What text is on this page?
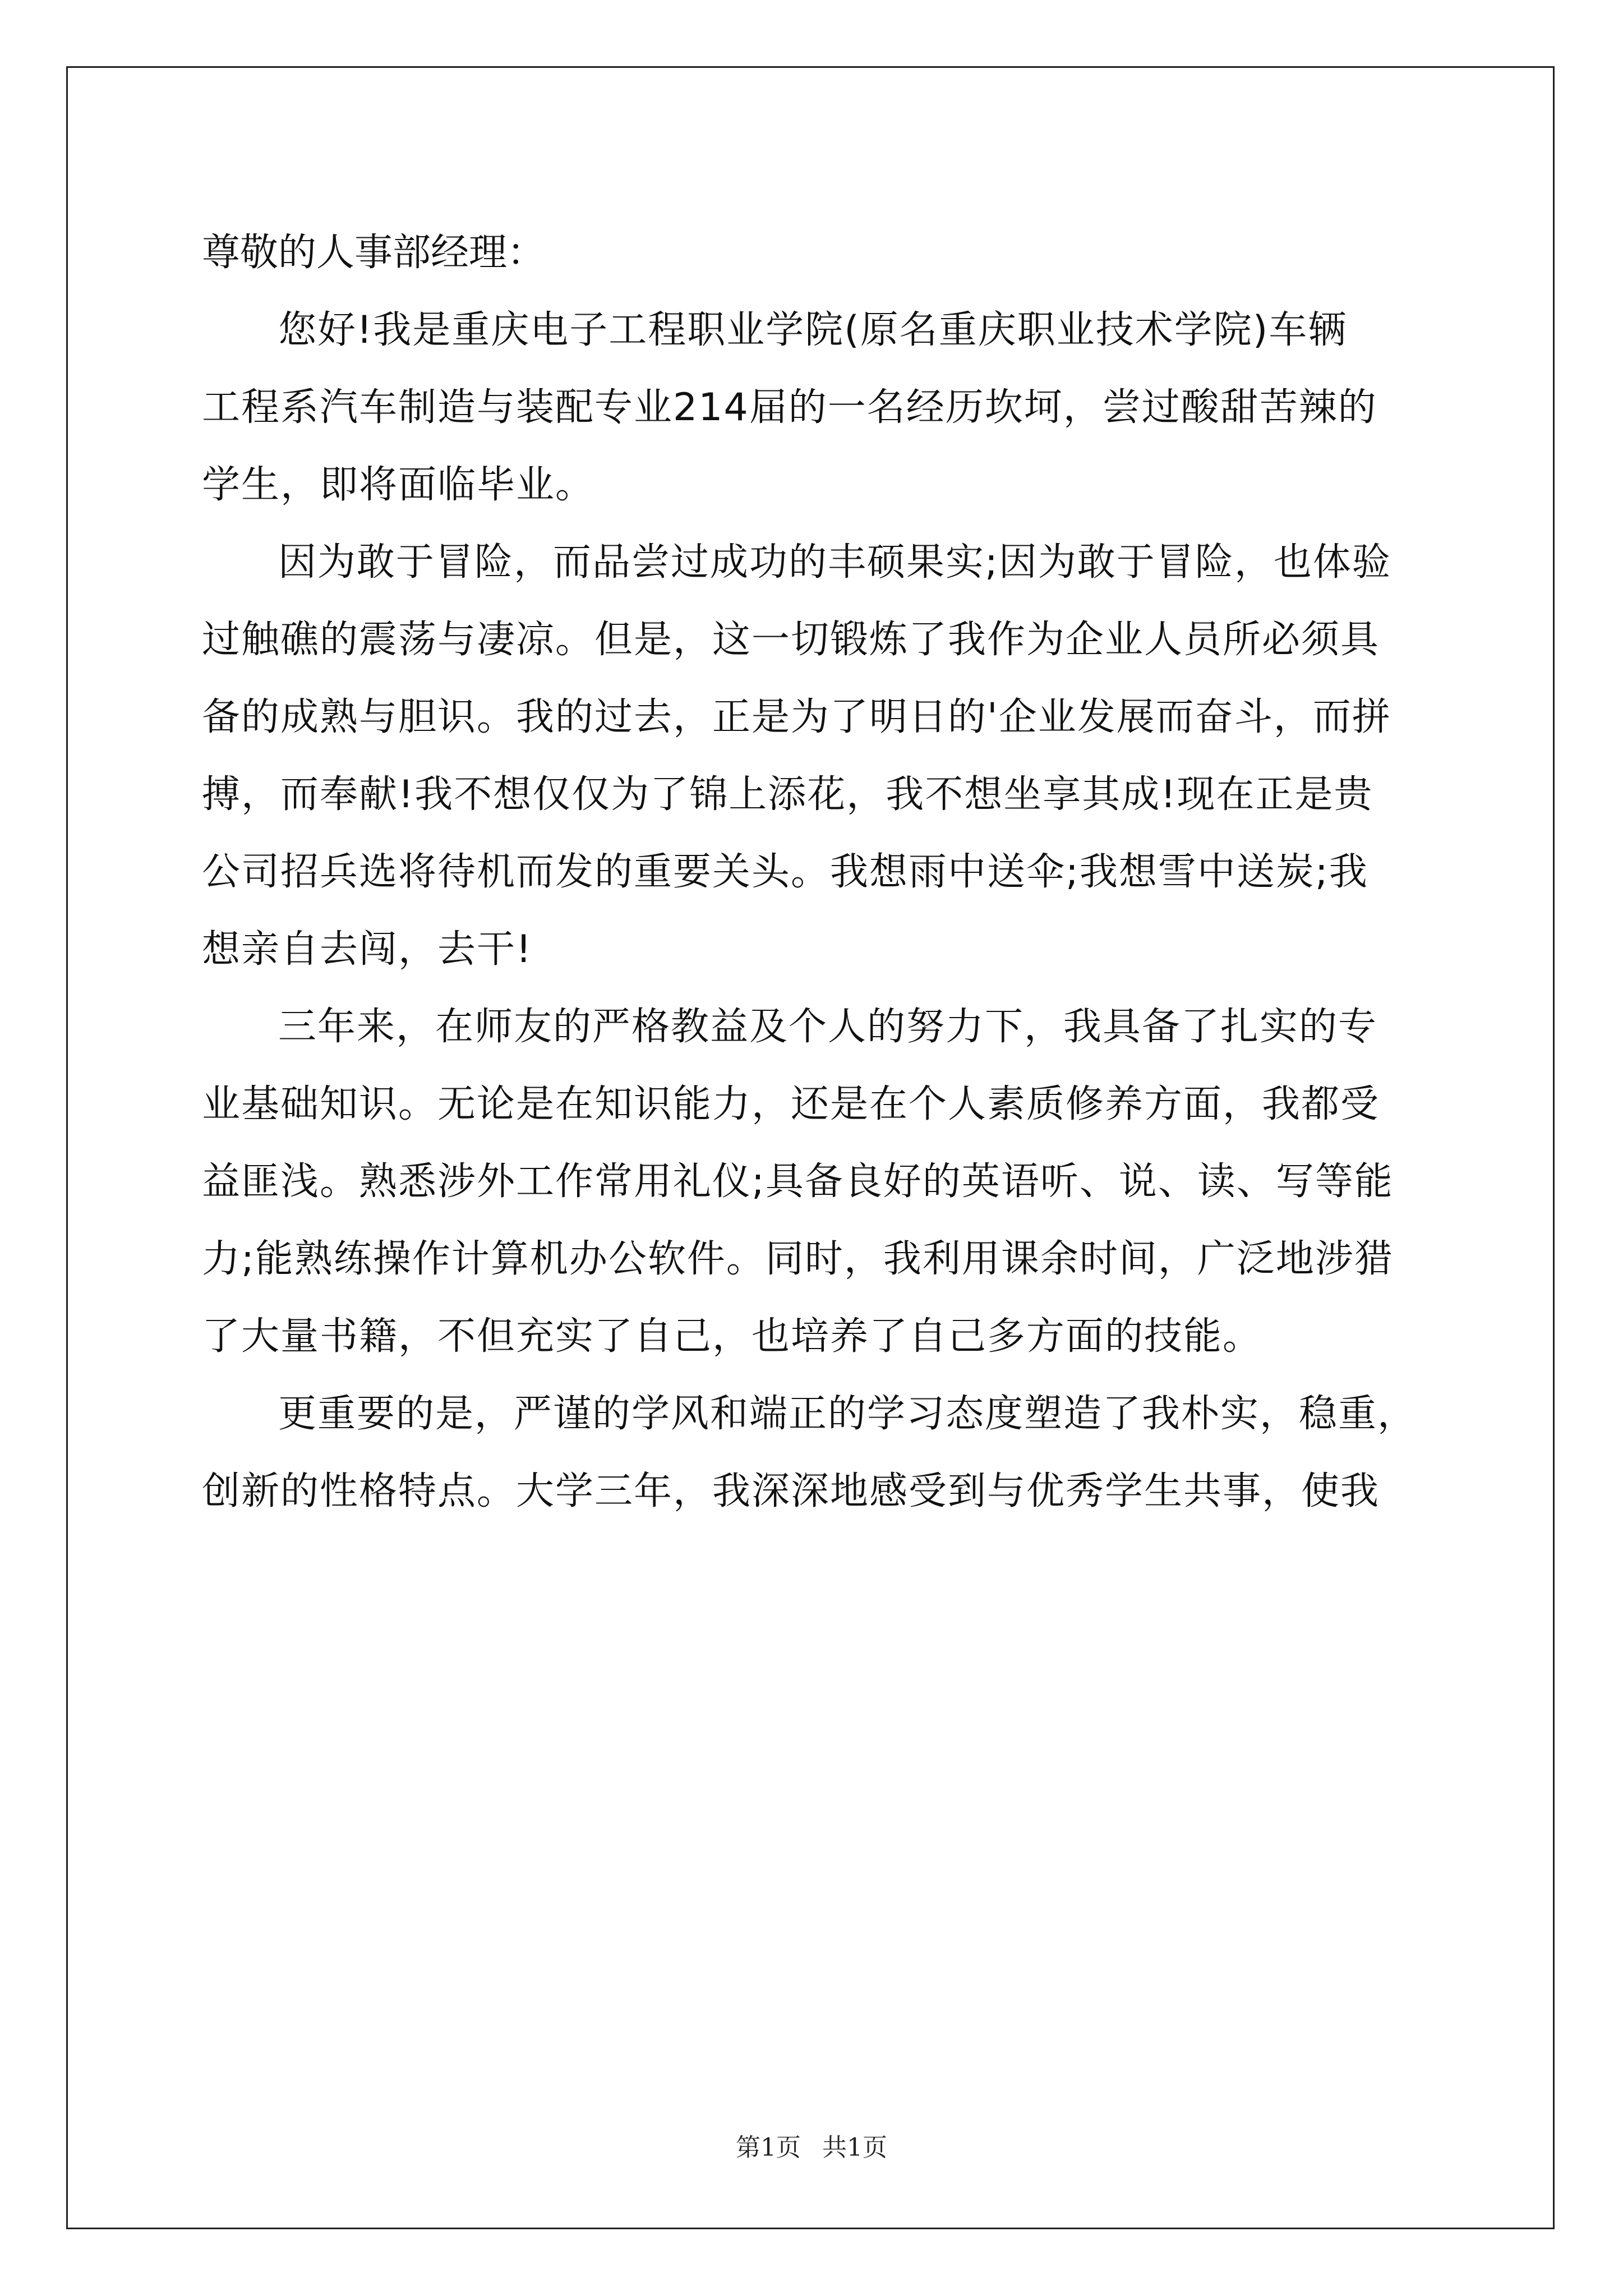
尊敬的人事部经理：

您好!我是重庆电子工程职业学院(原名重庆职业技术学院)车辆
工程系汽车制造与装配专业214届的一名经历坎坷，尝过酸甜苦辣的
学生，即将面临毕业。

因为敢于冒险，而品尝过成功的丰硕果实;因为敢于冒险，也体验
过触礁的震荡与凄凉。但是，这一切锻炼了我作为企业人员所必须具
备的成熟与胆识。我的过去，正是为了明日的'企业发展而奋斗，而拼
搏，而奉献!我不想仅仅为了锦上添花，我不想坐享其成!现在正是贵
公司招兵选将待机而发的重要关头。我想雨中送伞;我想雪中送炭;我
想亲自去闯，去干!

三年来，在师友的严格教益及个人的努力下，我具备了扎实的专
业基础知识。无论是在知识能力，还是在个人素质修养方面，我都受
益匪浅。熟悉涉外工作常用礼仪;具备良好的英语听、说、读、写等能
力;能熟练操作计算机办公软件。同时，我利用课余时间，广泛地涉猎
了大量书籍，不但充实了自己，也培养了自己多方面的技能。

更重要的是，严谨的学风和端正的学习态度塑造了我朴实，稳重，
创新的性格特点。大学三年，我深深地感受到与优秀学生共事，使我

第1页 共1页
